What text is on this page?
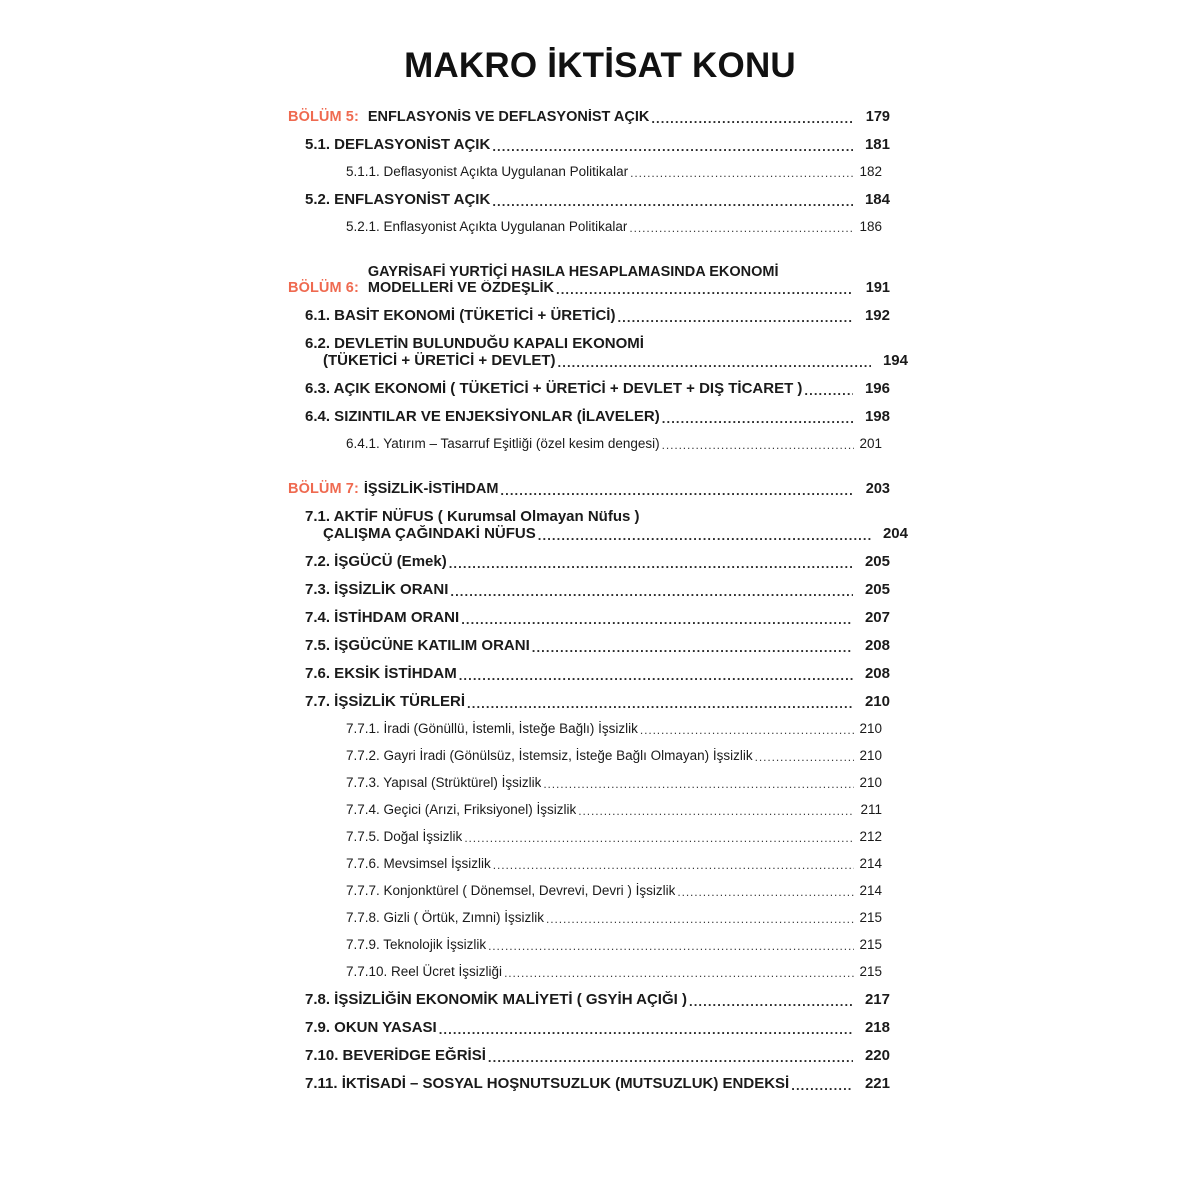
MAKRO İKTİSAT KONU
BÖLÜM 5: ENFLASYONİS VE DEFLASYONİST AÇIK .....	179
5.1. DEFLASYONİST AÇIK .....	181
5.1.1. Deflasyonist Açıkta Uygulanan Politikalar .....	182
5.2. ENFLASYONİST AÇIK .....	184
5.2.1. Enflasyonist Açıkta Uygulanan Politikalar .....	186
BÖLÜM 6:
GAYRİSAFİ YURTİÇİ HASILA HESAPLAMASINDA EKONOMİ
MODELLERİ VE ÖZDEŞLİK .....	191
6.1. BASİT EKONOMİ (TÜKETİCİ + ÜRETİCİ) .....	192
6.2. DEVLETİN BULUNDUĞU KAPALI EKONOMİ
(TÜKETİCİ + ÜRETİCİ + DEVLET) .....	194
6.3. AÇIK EKONOMİ ( TÜKETİCİ + ÜRETİCİ + DEVLET + DIŞ TİCARET ) .....	196
6.4. SIZINTILAR VE ENJEKSİYONLAR (İLAVELER) .....	198
6.4.1. Yatırım – Tasarruf Eşitliği (özel kesim dengesi) .....	201
BÖLÜM 7: İŞSİZLİK-İSTİHDAM .....	203
7.1. AKTİF NÜFUS ( Kurumsal Olmayan Nüfus )
ÇALIŞMA ÇAĞINDAKİ NÜFUS .....	204
7.2. İŞGÜCÜ (Emek) .....	205
7.3. İŞSİZLİK ORANI .....	205
7.4. İSTİHDAM ORANI .....	207
7.5. İŞGÜCÜNE KATILIM ORANI .....	208
7.6. EKSİK İSTİHDAM .....	208
7.7. İŞSİZLİK TÜRLERİ .....	210
7.7.1. İradi (Gönüllü, İstemli, İsteğe Bağlı) İşsizlik .....	210
7.7.2. Gayri İradi (Gönülsüz, İstemsiz, İsteğe Bağlı Olmayan) İşsizlik .....	210
7.7.3. Yapısal (Strüktürel) İşsizlik .....	210
7.7.4. Geçici (Arızi, Friksiyonel) İşsizlik .....	211
7.7.5. Doğal İşsizlik .....	212
7.7.6. Mevsimsel İşsizlik .....	214
7.7.7. Konjonktürel ( Dönemsel, Devrevi, Devri ) İşsizlik .....	214
7.7.8. Gizli ( Örtük, Zımni) İşsizlik .....	215
7.7.9. Teknolojik İşsizlik .....	215
7.7.10. Reel Ücret İşsizliği .....	215
7.8. İŞSİZLİĞİN EKONOMİK MALİYETİ ( GSYİH AÇIĞI ) .....	217
7.9. OKUN YASASI .....	218
7.10. BEVERİDGE EĞRİSİ .....	220
7.11. İKTİSADİ – SOSYAL HOŞNUTSUZLUK (MUTSUZLUK) ENDEKSİ .....	221
